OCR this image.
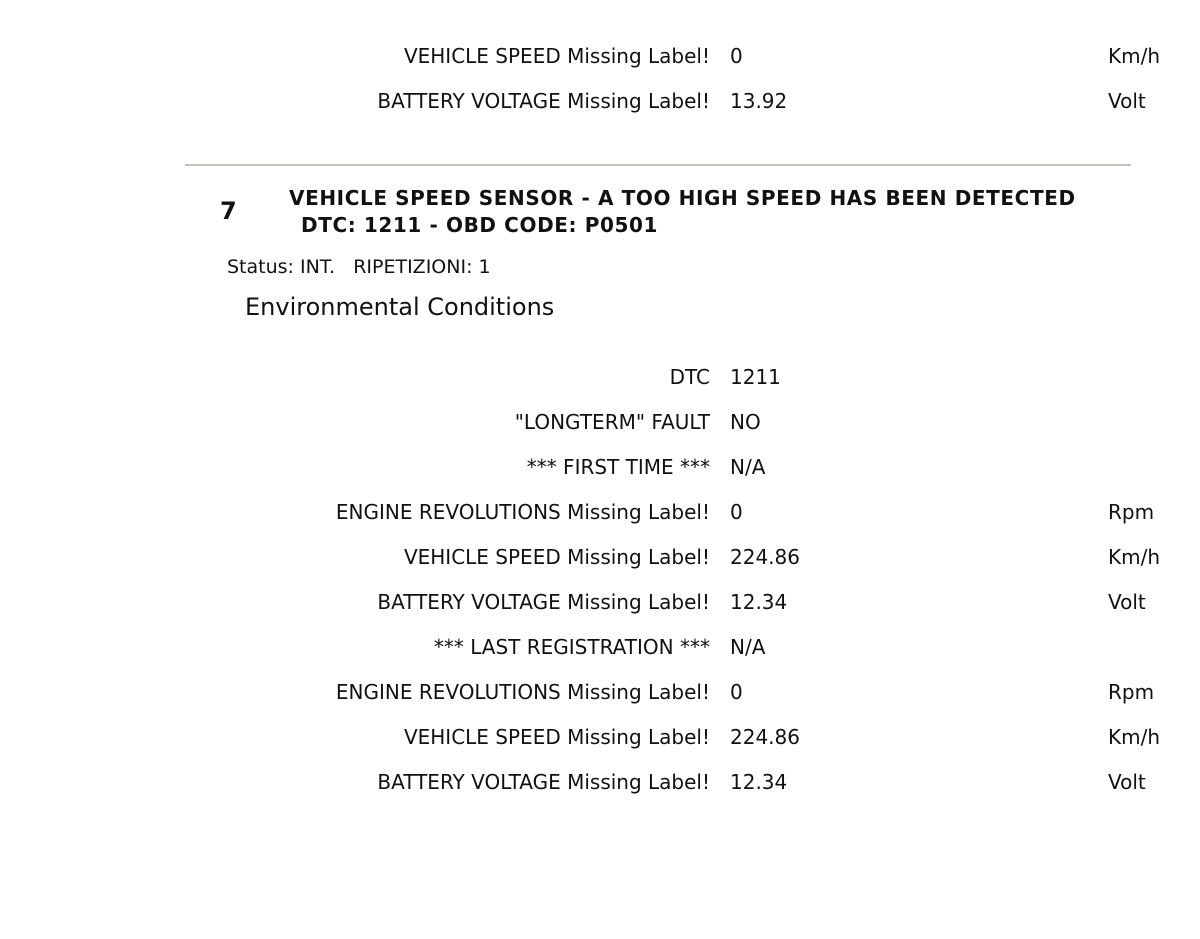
VEHICLE SPEED Missing Label! 0	Km/h
BATTERY VOLTAGE Missing Label! 13.92	Volt
7	VEHICLE SPEED SENSOR - A TOO HIGH SPEED HAS BEEN DETECTED
DTC: 1211 - OBD CODE: P0501
Status: INT. RIPETIZIONI: 1
Environmental Conditions
DTC 1211
"LONGTERM" FAULT NO
*** FIRST TIME *** N/A
ENGINE REVOLUTIONS Missing Label! 0	Rpm
VEHICLE SPEED Missing Label! 224.86	Km/h
BATTERY VOLTAGE Missing Label! 12.34	Volt
*** LAST REGISTRATION *** N/A
ENGINE REVOLUTIONS Missing Label! 0	Rpm
VEHICLE SPEED Missing Label! 224.86	Km/h
BATTERY VOLTAGE Missing Label! 12.34	Volt
